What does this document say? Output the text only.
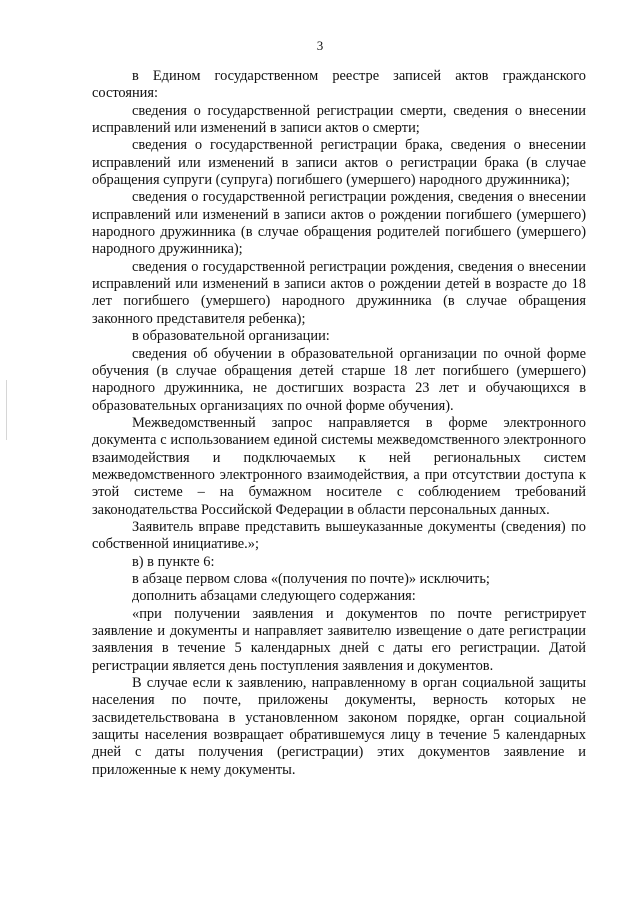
3

в Едином государственном реестре записей актов гражданского состояния:

сведения о государственной регистрации смерти, сведения о внесении исправлений или изменений в записи актов о смерти;

сведения о государственной регистрации брака, сведения о внесении исправлений или изменений в записи актов о регистрации брака (в случае обращения супруги (супруга) погибшего (умершего) народного дружинника);

сведения о государственной регистрации рождения, сведения о внесении исправлений или изменений в записи актов о рождении погибшего (умершего) народного дружинника (в случае обращения родителей погибшего (умершего) народного дружинника);

сведения о государственной регистрации рождения, сведения о внесении исправлений или изменений в записи актов о рождении детей в возрасте до 18 лет погибшего (умершего) народного дружинника (в случае обращения законного представителя ребенка);

в образовательной организации:

сведения об обучении в образовательной организации по очной форме обучения (в случае обращения детей старше 18 лет погибшего (умершего) народного дружинника, не достигших возраста 23 лет и обучающихся в образовательных организациях по очной форме обучения).

Межведомственный запрос направляется в форме электронного документа с использованием единой системы межведомственного электронного взаимодействия и подключаемых к ней региональных систем межведомственного электронного взаимодействия, а при отсутствии доступа к этой системе – на бумажном носителе с соблюдением требований законодательства Российской Федерации в области персональных данных.

Заявитель вправе представить вышеуказанные документы (сведения) по собственной инициативе.»;

в) в пункте 6:

в абзаце первом слова «(получения по почте)» исключить;

дополнить абзацами следующего содержания:

«при получении заявления и документов по почте регистрирует заявление и документы и направляет заявителю извещение о дате регистрации заявления в течение 5 календарных дней с даты его регистрации. Датой регистрации является день поступления заявления и документов.

В случае если к заявлению, направленному в орган социальной защиты населения по почте, приложены документы, верность которых не засвидетельствована в установленном законом порядке, орган социальной защиты населения возвращает обратившемуся лицу в течение 5 календарных дней с даты получения (регистрации) этих документов заявление и приложенные к нему документы.
